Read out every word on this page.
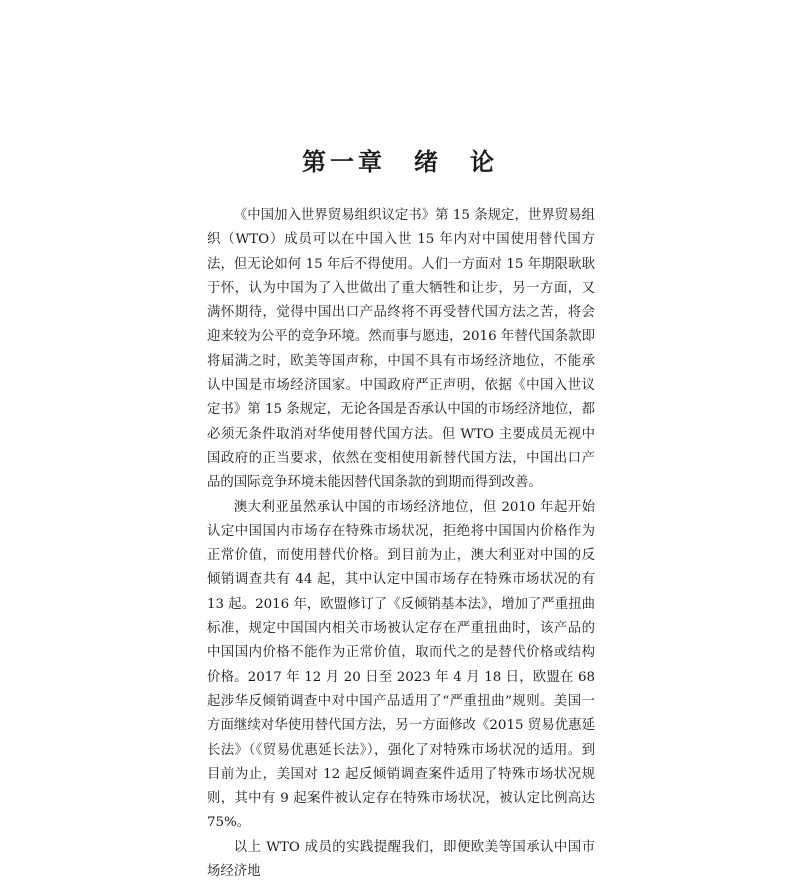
第一章　绪　论

《中国加入世界贸易组织议定书》第 15 条规定，世界贸易组织（WTO）成员可以在中国入世 15 年内对中国使用替代国方法，但无论如何 15 年后不得使用。人们一方面对 15 年期限耿耿于怀，认为中国为了入世做出了重大牺牲和让步，另一方面，又满怀期待，觉得中国出口产品终将不再受替代国方法之苦，将会迎来较为公平的竞争环境。然而事与愿违，2016 年替代国条款即将届满之时，欧美等国声称，中国不具有市场经济地位，不能承认中国是市场经济国家。中国政府严正声明，依据《中国入世议定书》第 15 条规定，无论各国是否承认中国的市场经济地位，都必须无条件取消对华使用替代国方法。但 WTO 主要成员无视中国政府的正当要求，依然在变相使用新替代国方法，中国出口产品的国际竞争环境未能因替代国条款的到期而得到改善。

澳大利亚虽然承认中国的市场经济地位，但 2010 年起开始认定中国国内市场存在特殊市场状况，拒绝将中国国内价格作为正常价值，而使用替代价格。到目前为止，澳大利亚对中国的反倾销调查共有 44 起，其中认定中国市场存在特殊市场状况的有 13 起。2016 年，欧盟修订了《反倾销基本法》，增加了严重扭曲标准，规定中国国内相关市场被认定存在严重扭曲时，该产品的中国国内价格不能作为正常价值，取而代之的是替代价格或结构价格。2017 年 12 月 20 日至 2023 年 4 月 18 日，欧盟在 68 起涉华反倾销调查中对中国产品适用了“严重扭曲”规则。美国一方面继续对华使用替代国方法，另一方面修改《2015 贸易优惠延长法》（《贸易优惠延长法》），强化了对特殊市场状况的适用。到目前为止，美国对 12 起反倾销调查案件适用了特殊市场状况规则，其中有 9 起案件被认定存在特殊市场状况，被认定比例高达 75%。

以上 WTO 成员的实践提醒我们，即便欧美等国承认中国市场经济地
